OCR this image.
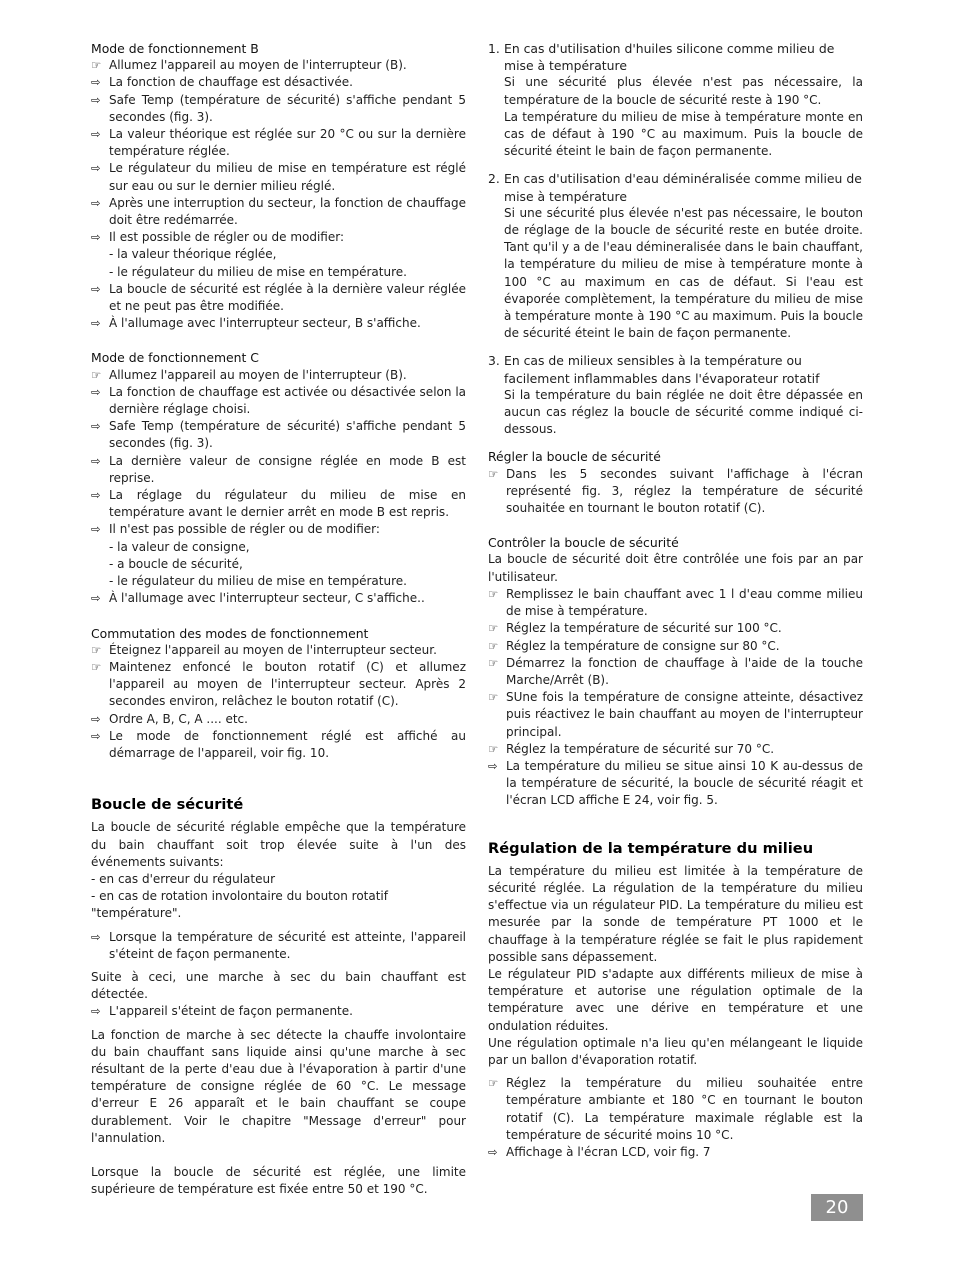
Mode de fonctionnement B
☞ Allumez l'appareil au moyen de l'interrupteur (B).
⇨ La fonction de chauffage est désactivée.
⇨ Safe Temp (température de sécurité) s'affiche pendant 5 secondes (fig. 3).
⇨ La valeur théorique est réglée sur 20 °C ou sur la dernière température réglée.
⇨ Le régulateur du milieu de mise en température est réglé sur eau ou sur le dernier milieu réglé.
⇨ Après une interruption du secteur, la fonction de chauffage doit être redémarrée.
⇨ Il est possible de régler ou de modifier:
- la valeur théorique réglée,
- le régulateur du milieu de mise en température.
⇨ La boucle de sécurité est réglée à la dernière valeur réglée et ne peut pas être modifiée.
⇨ À l'allumage avec l'interrupteur secteur, B s'affiche.
Mode de fonctionnement C
☞ Allumez l'appareil au moyen de l'interrupteur (B).
⇨ La fonction de chauffage est activée ou désactivée selon la dernière réglage choisi.
⇨ Safe Temp (température de sécurité) s'affiche pendant 5 secondes (fig. 3).
⇨ La dernière valeur de consigne réglée en mode B est reprise.
⇨ La réglage du régulateur du milieu de mise en température avant le dernier arrêt en mode B est repris.
⇨ Il n'est pas possible de régler ou de modifier:
- la valeur de consigne,
- a boucle de sécurité,
- le régulateur du milieu de mise en température.
⇨ À l'allumage avec l'interrupteur secteur, C s'affiche..
Commutation des modes de fonctionnement
☞ Éteignez l'appareil au moyen de l'interrupteur secteur.
☞ Maintenez enfoncé le bouton rotatif (C) et allumez l'appareil au moyen de l'interrupteur secteur. Après 2 secondes environ, relâchez le bouton rotatif (C).
⇨ Ordre A, B, C, A .... etc.
⇨ Le mode de fonctionnement réglé est affiché au démarrage de l'appareil, voir fig. 10.
Boucle de sécurité
La boucle de sécurité réglable empêche que la température du bain chauffant soit trop élevée suite à l'un des événements suivants:
- en cas d'erreur du régulateur
- en cas de rotation involontaire du bouton rotatif "température".
⇨ Lorsque la température de sécurité est atteinte, l'appareil s'éteint de façon permanente.
Suite à ceci, une marche à sec du bain chauffant est détectée.
⇨ L'appareil s'éteint de façon permanente.
La fonction de marche à sec détecte la chauffe involontaire du bain chauffant sans liquide ainsi qu'une marche à sec résultant de la perte d'eau due à l'évaporation à partir d'une température de consigne réglée de 60 °C. Le message d'erreur E 26 apparaît et le bain chauffant se coupe durablement. Voir le chapitre "Message d'erreur" pour l'annulation.
Lorsque la boucle de sécurité est réglée, une limite supérieure de température est fixée entre 50 et 190 °C.
1. En cas d'utilisation d'huiles silicone comme milieu de mise à température
Si une sécurité plus élevée n'est pas nécessaire, la température de la boucle de sécurité reste à 190 °C.
La température du milieu de mise à température monte en cas de défaut à 190 °C au maximum. Puis la boucle de sécurité éteint le bain de façon permanente.
2. En cas d'utilisation d'eau déminéralisée comme milieu de mise à température
Si une sécurité plus élevée n'est pas nécessaire, le bouton de réglage de la boucle de sécurité reste en butée droite. Tant qu'il y a de l'eau démineralisée dans le bain chauffant, la température du milieu de mise à température monte à 100 °C au maximum en cas de défaut. Si l'eau est évaporée complètement, la température du milieu de mise à température monte à 190 °C au maximum. Puis la boucle de sécurité éteint le bain de façon permanente.
3. En cas de milieux sensibles à la température ou facilement inflammables dans l'évaporateur rotatif
Si la température du bain réglée ne doit être dépassée en aucun cas réglez la boucle de sécurité comme indiqué ci-dessous.
Régler la boucle de sécurité
☞ Dans les 5 secondes suivant l'affichage à l'écran représenté fig. 3, réglez la température de sécurité souhaitée en tournant le bouton rotatif (C).
Contrôler la boucle de sécurité
La boucle de sécurité doit être contrôlée une fois par an par l'utilisateur.
☞ Remplissez le bain chauffant avec 1 l d'eau comme milieu de mise à température.
☞ Réglez la température de sécurité sur 100 °C.
☞ Réglez la température de consigne sur 80 °C.
☞ Démarrez la fonction de chauffage à l'aide de la touche Marche/Arrêt (B).
☞ SUne fois la température de consigne atteinte, désactivez puis réactivez le bain chauffant au moyen de l'interrupteur principal.
☞ Réglez la température de sécurité sur 70 °C.
⇨ La température du milieu se situe ainsi 10 K au-dessus de la température de sécurité, la boucle de sécurité réagit et l'écran LCD affiche E 24, voir fig. 5.
Régulation de la température du milieu
La température du milieu est limitée à la température de sécurité réglée. La régulation de la température du milieu s'effectue via un régulateur PID. La température du milieu est mesurée par la sonde de température PT 1000 et le chauffage à la température réglée se fait le plus rapidement possible sans dépassement.
Le régulateur PID s'adapte aux différents milieux de mise à température et autorise une régulation optimale de la température avec une dérive en température et une ondulation réduites.
Une régulation optimale n'a lieu qu'en mélangeant le liquide par un ballon d'évaporation rotatif.
☞ Réglez la température du milieu souhaitée entre température ambiante et 180 °C en tournant le bouton rotatif (C). La température maximale réglable est la température de sécurité moins 10 °C.
⇨ Affichage à l'écran LCD, voir fig. 7
20
